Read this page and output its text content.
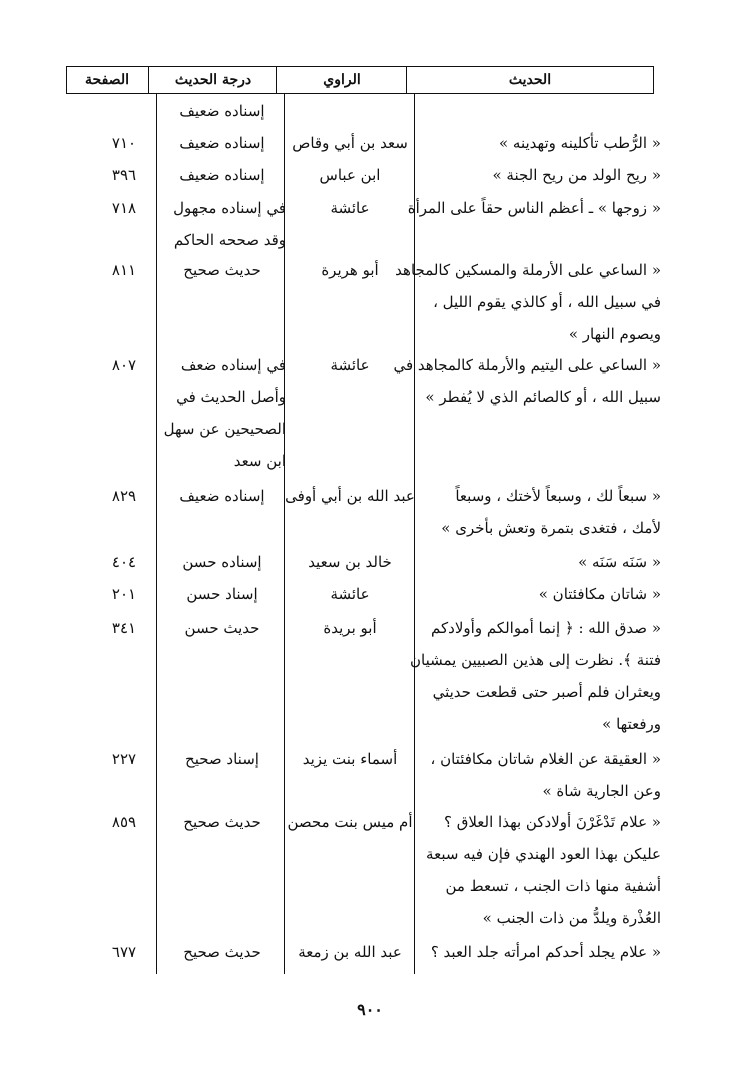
الحديث
الراوي
درجة الحديث
الصفحة
إسناده ضعيف
« الرُّطب تأكلينه وتهدينه »
سعد بن أبي وقاص
إسناده ضعيف
٧١٠
« ريح الولد من ريح الجنة »
ابن عباس
إسناده ضعيف
٣٩٦
« زوجها » ـ أعظم الناس حقاً على المرأة
عائشة
في إسناده مجهول
وقد صححه الحاكم
٧١٨
« الساعي على الأرملة والمسكين كالمجاهد
في سبيل الله ، أو كالذي يقوم الليل ،
ويصوم النهار »
أبو هريرة
حديث صحيح
٨١١
« الساعي على اليتيم والأرملة كالمجاهد في
سبيل الله ، أو كالصائم الذي لا يُفطر »
عائشة
في إسناده ضعف
وأصل الحديث في
الصحيحين عن سهل
ابن سعد
٨٠٧
« سبعاً لك ، وسبعاً لأختك ، وسبعاً
لأمك ، فتغدى بتمرة وتعش بأخرى »
عبد الله بن أبي أوفى
إسناده ضعيف
٨٢٩
« سَنَه سَنَه »
خالد بن سعيد
إسناده حسن
٤٠٤
« شاتان مكافئتان »
عائشة
إسناد حسن
٢٠١
« صدق الله : ﴿ إنما أموالكم وأولادكم
فتنة ﴾. نظرت إلى هذين الصبيين يمشيان
ويعثران فلم أصبر حتى قطعت حديثي
ورفعتها »
أبو بريدة
حديث حسن
٣٤١
« العقيقة عن الغلام شاتان مكافئتان ،
وعن الجارية شاة »
أسماء بنت يزيد
إسناد صحيح
٢٢٧
« علام تَدْغَرْنَ أولادكن بهذا العلاق ؟
عليكن بهذا العود الهندي فإن فيه سبعة
أشفية منها ذات الجنب ، تسعط من
العُذْرة ويلدُّ من ذات الجنب »
أم ميس بنت محصن
حديث صحيح
٨٥٩
« علام يجلد أحدكم امرأته جلد العبد ؟
عبد الله بن زمعة
حديث صحيح
٦٧٧
٩٠٠
